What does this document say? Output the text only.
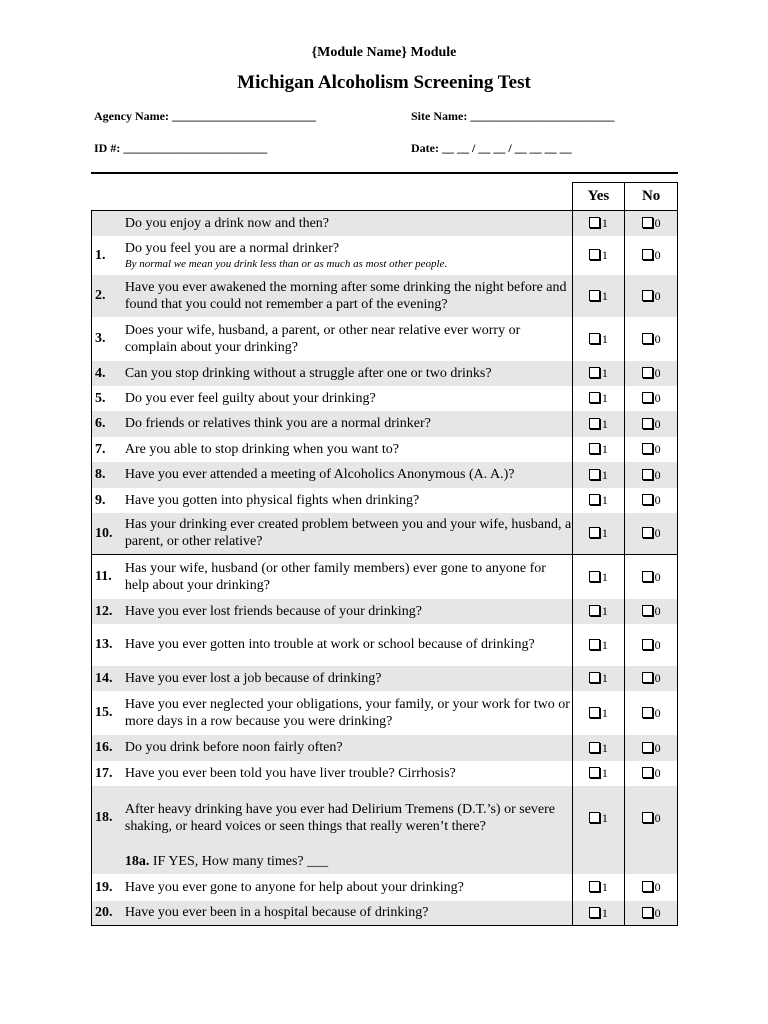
{Module Name} Module
Michigan Alcoholism Screening Test
Agency Name: ________________________	Site Name: ________________________
ID #: ________________________	Date: __ __ / __ __ / __ __ __ __
		Yes	No
	Do you enjoy a drink now and then?	1	0
1.	Do you feel you are a normal drinker?
By normal we mean you drink less than or as much as most other people.	1	0
2.	Have you ever awakened the morning after some drinking the night before and found that you could not remember a part of the evening?	1	0
3.	Does your wife, husband, a parent, or other near relative ever worry or complain about your drinking?	1	0
4.	Can you stop drinking without a struggle after one or two drinks?	1	0
5.	Do you ever feel guilty about your drinking?	1	0
6.	Do friends or relatives think you are a normal drinker?	1	0
7.	Are you able to stop drinking when you want to?	1	0
8.	Have you ever attended a meeting of Alcoholics Anonymous (A. A.)?	1	0
9.	Have you gotten into physical fights when drinking?	1	0
10.	Has your drinking ever created problem between you and your wife, husband, a parent, or other relative?	1	0
11.	Has your wife, husband (or other family members) ever gone to anyone for help about your drinking?	1	0
12.	Have you ever lost friends because of your drinking?	1	0
13.	Have you ever gotten into trouble at work or school because of drinking?	1	0
14.	Have you ever lost a job because of drinking?	1	0
15.	Have you ever neglected your obligations, your family, or your work for two or more days in a row because you were drinking?	1	0
16.	Do you drink before noon fairly often?	1	0
17.	Have you ever been told you have liver trouble? Cirrhosis?	1	0
18.	After heavy drinking have you ever had Delirium Tremens (D.T.’s) or severe shaking, or heard voices or seen things that really weren’t there?	1	0
	18a. IF YES, How many times? ___		
19.	Have you ever gone to anyone for help about your drinking?	1	0
20.	Have you ever been in a hospital because of drinking?	1	0
